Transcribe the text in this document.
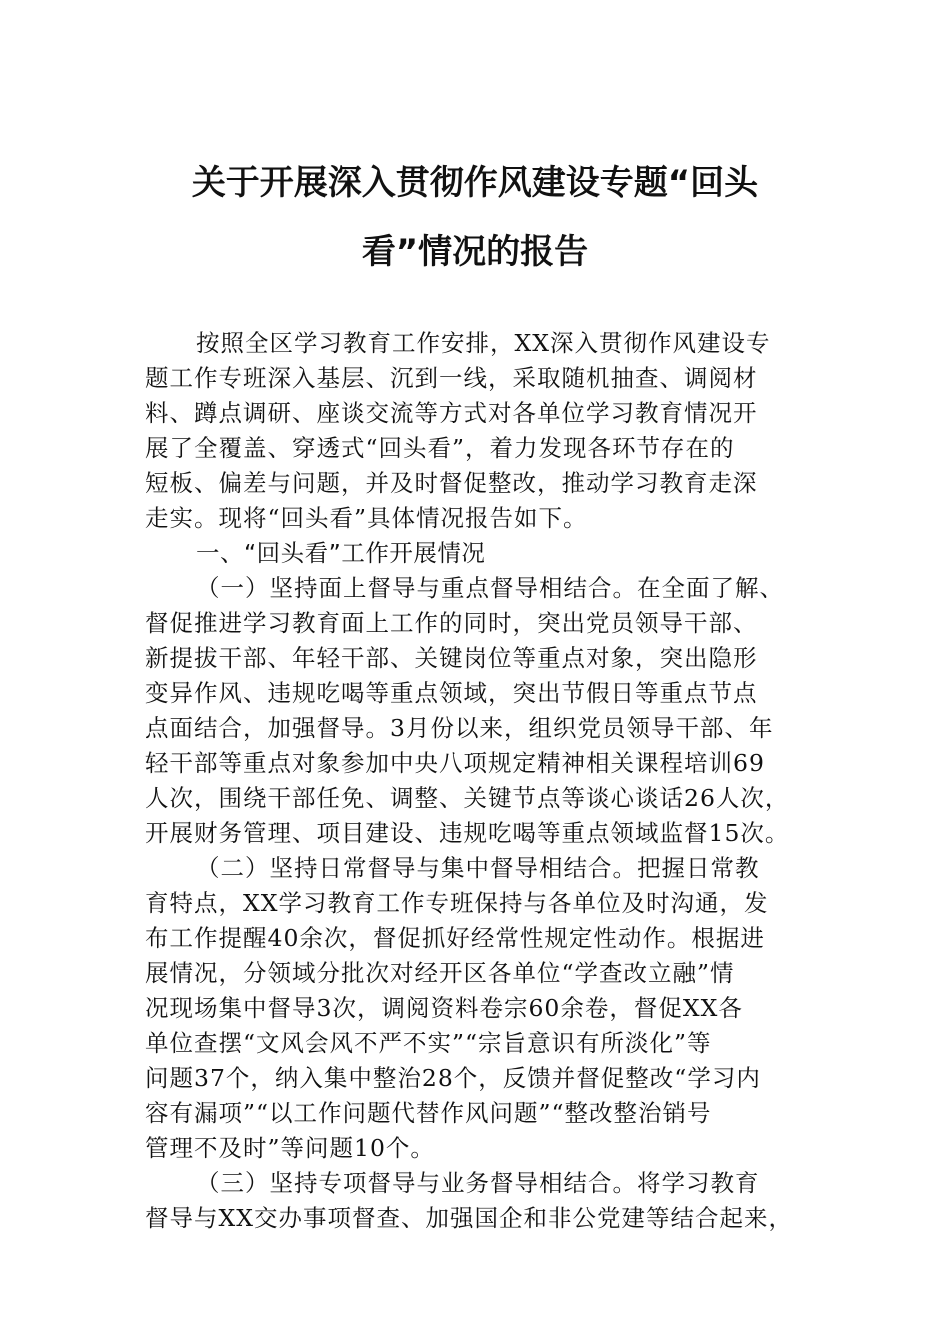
关于开展深入贯彻作风建设专题“回头
看”情况的报告
按照全区学习教育工作安排，XX深入贯彻作风建设专
题工作专班深入基层、沉到一线，采取随机抽查、调阅材
料、蹲点调研、座谈交流等方式对各单位学习教育情况开
展了全覆盖、穿透式“回头看”，着力发现各环节存在的
短板、偏差与问题，并及时督促整改，推动学习教育走深
走实。现将“回头看”具体情况报告如下。
一、“回头看”工作开展情况
（一）坚持面上督导与重点督导相结合。在全面了解、
督促推进学习教育面上工作的同时，突出党员领导干部、
新提拔干部、年轻干部、关键岗位等重点对象，突出隐形
变异作风、违规吃喝等重点领域，突出节假日等重点节点
点面结合，加强督导。3月份以来，组织党员领导干部、年
轻干部等重点对象参加中央八项规定精神相关课程培训69
人次，围绕干部任免、调整、关键节点等谈心谈话26人次，
开展财务管理、项目建设、违规吃喝等重点领域监督15次。
（二）坚持日常督导与集中督导相结合。把握日常教
育特点，XX学习教育工作专班保持与各单位及时沟通，发
布工作提醒40余次，督促抓好经常性规定性动作。根据进
展情况，分领域分批次对经开区各单位“学查改立融”情
况现场集中督导3次，调阅资料卷宗60余卷，督促XX各
单位查摆“文风会风不严不实”“宗旨意识有所淡化”等
问题37个，纳入集中整治28个，反馈并督促整改“学习内
容有漏项”“以工作问题代替作风问题”“整改整治销号
管理不及时”等问题10个。
（三）坚持专项督导与业务督导相结合。将学习教育
督导与XX交办事项督查、加强国企和非公党建等结合起来，
